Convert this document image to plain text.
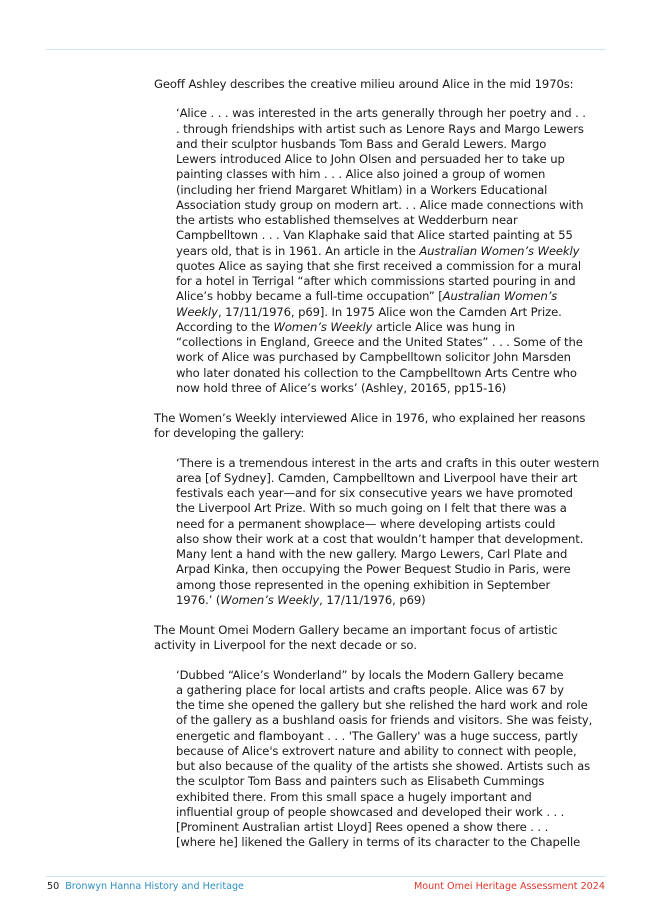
Geoff Ashley describes the creative milieu around Alice in the mid 1970s:

‘Alice . . . was interested in the arts generally through her poetry and . .
. through friendships with artist such as Lenore Rays and Margo Lewers
and their sculptor husbands Tom Bass and Gerald Lewers. Margo
Lewers introduced Alice to John Olsen and persuaded her to take up
painting classes with him . . . Alice also joined a group of women
(including her friend Margaret Whitlam) in a Workers Educational
Association study group on modern art. . . Alice made connections with
the artists who established themselves at Wedderburn near
Campbelltown . . . Van Klaphake said that Alice started painting at 55
years old, that is in 1961. An article in the Australian Women’s Weekly
quotes Alice as saying that she first received a commission for a mural
for a hotel in Terrigal “after which commissions started pouring in and
Alice’s hobby became a full-time occupation” [Australian Women’s
Weekly, 17/11/1976, p69]. In 1975 Alice won the Camden Art Prize.
According to the Women’s Weekly article Alice was hung in
“collections in England, Greece and the United States” . . . Some of the
work of Alice was purchased by Campbelltown solicitor John Marsden
who later donated his collection to the Campbelltown Arts Centre who
now hold three of Alice’s works’ (Ashley, 20165, pp15-16)
The Women’s Weekly interviewed Alice in 1976, who explained her reasons
for developing the gallery:
‘There is a tremendous interest in the arts and crafts in this outer western
area [of Sydney]. Camden, Campbelltown and Liverpool have their art
festivals each year—and for six consecutive years we have promoted
the Liverpool Art Prize. With so much going on I felt that there was a
need for a permanent showplace— where developing artists could
also show their work at a cost that wouldn’t hamper that development.
Many lent a hand with the new gallery. Margo Lewers, Carl Plate and
Arpad Kinka, then occupying the Power Bequest Studio in Paris, were
among those represented in the opening exhibition in September
1976.’ (Women’s Weekly, 17/11/1976, p69)
The Mount Omei Modern Gallery became an important focus of artistic
activity in Liverpool for the next decade or so.
‘Dubbed “Alice’s Wonderland” by locals the Modern Gallery became
a gathering place for local artists and crafts people. Alice was 67 by
the time she opened the gallery but she relished the hard work and role
of the gallery as a bushland oasis for friends and visitors. She was feisty,
energetic and flamboyant . . . 'The Gallery' was a huge success, partly
because of Alice's extrovert nature and ability to connect with people,
but also because of the quality of the artists she showed. Artists such as
the sculptor Tom Bass and painters such as Elisabeth Cummings
exhibited there. From this small space a hugely important and
influential group of people showcased and developed their work . . .
[Prominent Australian artist Lloyd] Rees opened a show there . . .
[where he] likened the Gallery in terms of its character to the Chapelle
50 Bronwyn Hanna History and Heritage	Mount Omei Heritage Assessment 2024
